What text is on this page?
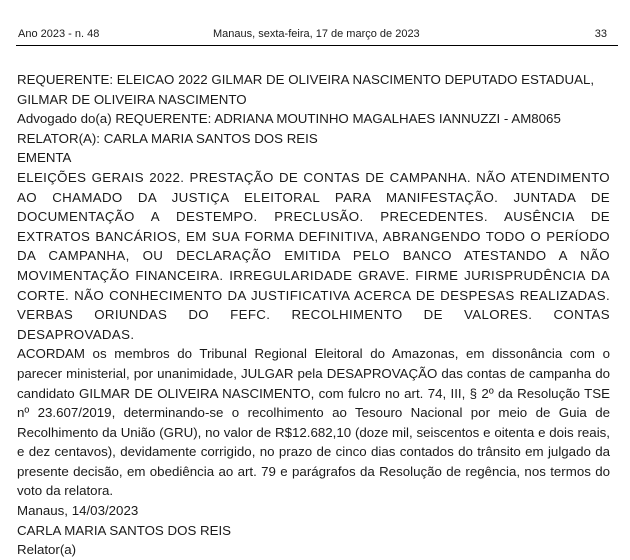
Ano 2023 - n. 48	Manaus, sexta-feira, 17 de março de 2023	33

REQUERENTE: ELEICAO 2022 GILMAR DE OLIVEIRA NASCIMENTO DEPUTADO ESTADUAL, GILMAR DE OLIVEIRA NASCIMENTO

Advogado do(a) REQUERENTE: ADRIANA MOUTINHO MAGALHAES IANNUZZI - AM8065

RELATOR(A): CARLA MARIA SANTOS DOS REIS

EMENTA

ELEIÇÕES GERAIS 2022. PRESTAÇÃO DE CONTAS DE CAMPANHA. NÃO ATENDIMENTO AO CHAMADO DA JUSTIÇA ELEITORAL PARA MANIFESTAÇÃO. JUNTADA DE DOCUMENTAÇÃO A DESTEMPO. PRECLUSÃO. PRECEDENTES. AUSÊNCIA DE EXTRATOS BANCÁRIOS, EM SUA FORMA DEFINITIVA, ABRANGENDO TODO O PERÍODO DA CAMPANHA, OU DECLARAÇÃO EMITIDA PELO BANCO ATESTANDO A NÃO MOVIMENTAÇÃO FINANCEIRA. IRREGULARIDADE GRAVE. FIRME JURISPRUDÊNCIA DA CORTE. NÃO CONHECIMENTO DA JUSTIFICATIVA ACERCA DE DESPESAS REALIZADAS. VERBAS ORIUNDAS DO FEFC. RECOLHIMENTO DE VALORES. CONTAS DESAPROVADAS.

ACORDAM os membros do Tribunal Regional Eleitoral do Amazonas, em dissonância com o parecer ministerial, por unanimidade, JULGAR pela DESAPROVAÇÃO das contas de campanha do candidato GILMAR DE OLIVEIRA NASCIMENTO, com fulcro no art. 74, III, § 2º da Resolução TSE nº 23.607/2019, determinando-se o recolhimento ao Tesouro Nacional por meio de Guia de Recolhimento da União (GRU), no valor de R$12.682,10 (doze mil, seiscentos e oitenta e dois reais, e dez centavos), devidamente corrigido, no prazo de cinco dias contados do trânsito em julgado da presente decisão, em obediência ao art. 79 e parágrafos da Resolução de regência, nos termos do voto da relatora.

Manaus, 14/03/2023

CARLA MARIA SANTOS DOS REIS

Relator(a)
